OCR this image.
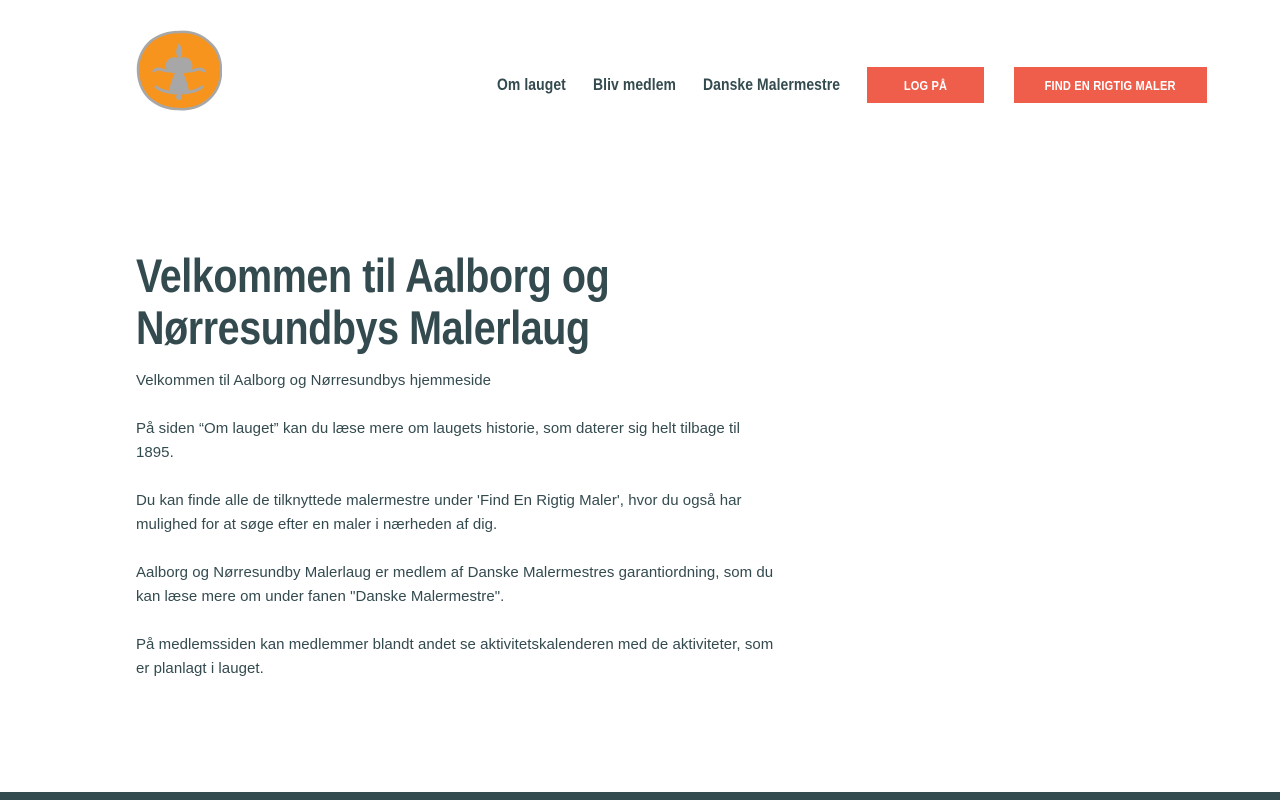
Om lauget Bliv medlem Danske Malermestre	LOG PÅ	FIND EN RIGTIG MALER
Velkommen til Aalborg og Nørresundbys Malerlaug

Velkommen til Aalborg og Nørresundbys hjemmeside

På siden “Om lauget” kan du læse mere om laugets historie, som daterer sig helt tilbage til 1895.

Du kan finde alle de tilknyttede malermestre under 'Find En Rigtig Maler', hvor du også har mulighed for at søge efter en maler i nærheden af dig.

Aalborg og Nørresundby Malerlaug er medlem af Danske Malermestres garantiordning, som du kan læse mere om under fanen "Danske Malermestre".

På medlemssiden kan medlemmer blandt andet se aktivitetskalenderen med de aktiviteter, som er planlagt i lauget.
